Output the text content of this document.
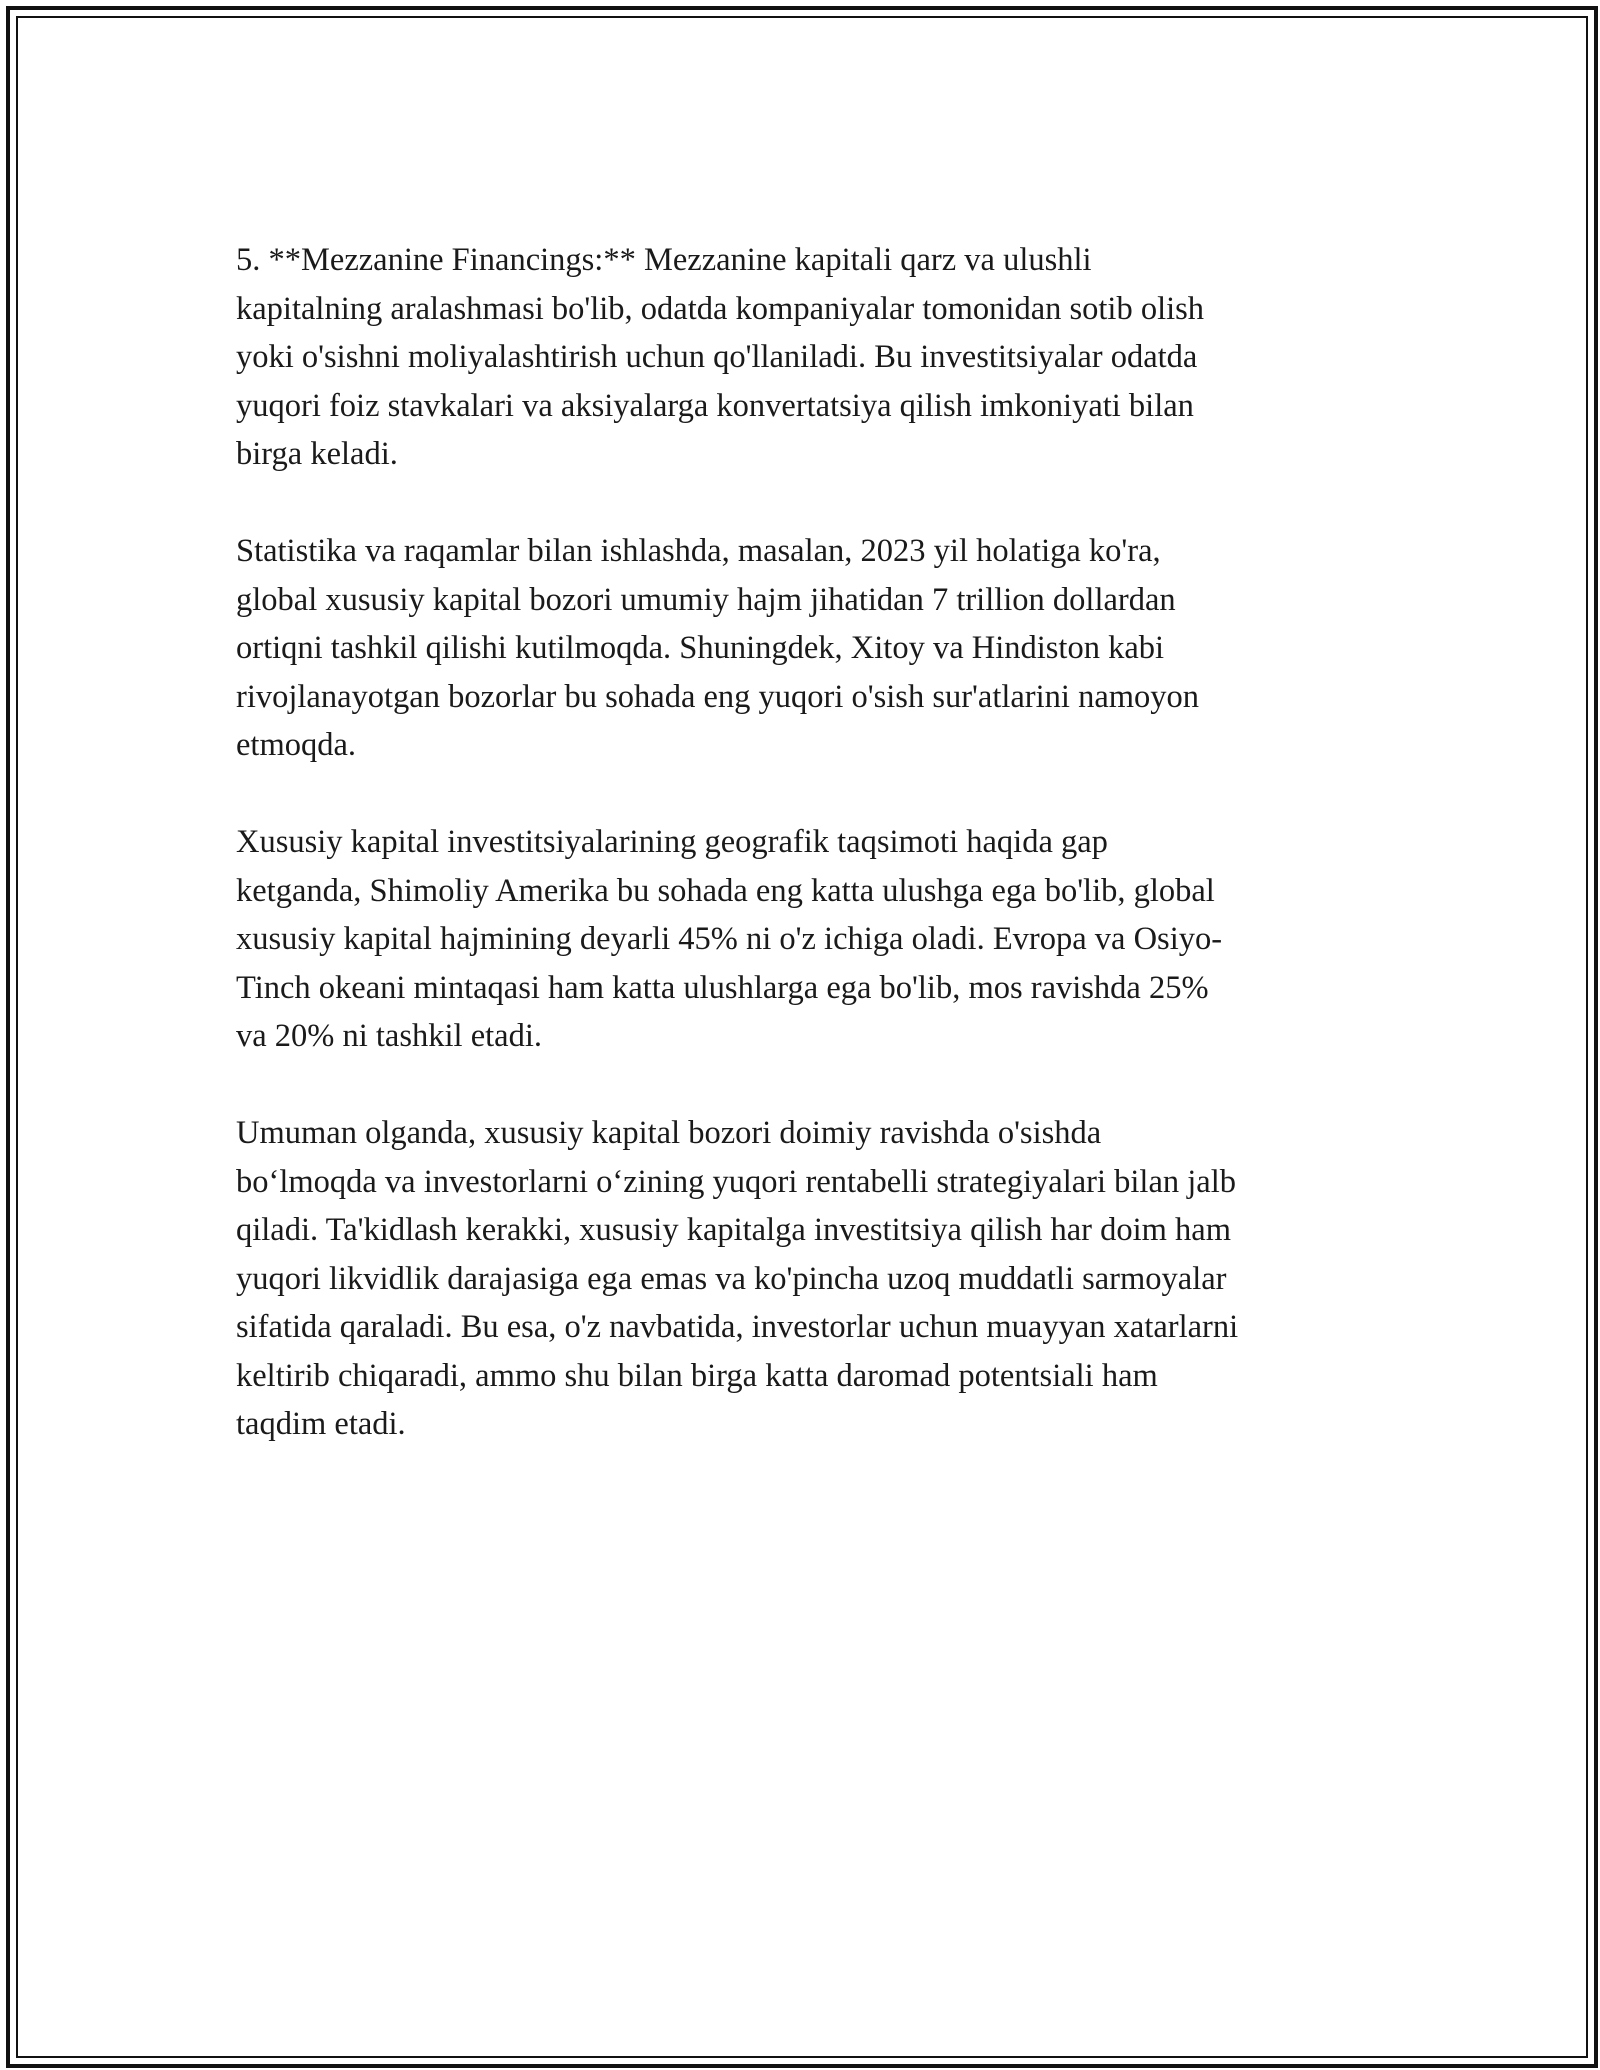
5. **Mezzanine Financings:** Mezzanine kapitali qarz va ulushli
kapitalning aralashmasi bo'lib, odatda kompaniyalar tomonidan sotib olish
yoki o'sishni moliyalashtirish uchun qo'llaniladi. Bu investitsiyalar odatda
yuqori foiz stavkalari va aksiyalarga konvertatsiya qilish imkoniyati bilan
birga keladi.

Statistika va raqamlar bilan ishlashda, masalan, 2023 yil holatiga ko'ra,
global xususiy kapital bozori umumiy hajm jihatidan 7 trillion dollardan
ortiqni tashkil qilishi kutilmoqda. Shuningdek, Xitoy va Hindiston kabi
rivojlanayotgan bozorlar bu sohada eng yuqori o'sish sur'atlarini namoyon
etmoqda.

Xususiy kapital investitsiyalarining geografik taqsimoti haqida gap
ketganda, Shimoliy Amerika bu sohada eng katta ulushga ega bo'lib, global
xususiy kapital hajmining deyarli 45% ni o'z ichiga oladi. Evropa va Osiyo-
Tinch okeani mintaqasi ham katta ulushlarga ega bo'lib, mos ravishda 25%
va 20% ni tashkil etadi.

Umuman olganda, xususiy kapital bozori doimiy ravishda o'sishda
bo‘lmoqda va investorlarni o‘zining yuqori rentabelli strategiyalari bilan jalb
qiladi. Ta'kidlash kerakki, xususiy kapitalga investitsiya qilish har doim ham
yuqori likvidlik darajasiga ega emas va ko'pincha uzoq muddatli sarmoyalar
sifatida qaraladi. Bu esa, o'z navbatida, investorlar uchun muayyan xatarlarni
keltirib chiqaradi, ammo shu bilan birga katta daromad potentsiali ham
taqdim etadi.
